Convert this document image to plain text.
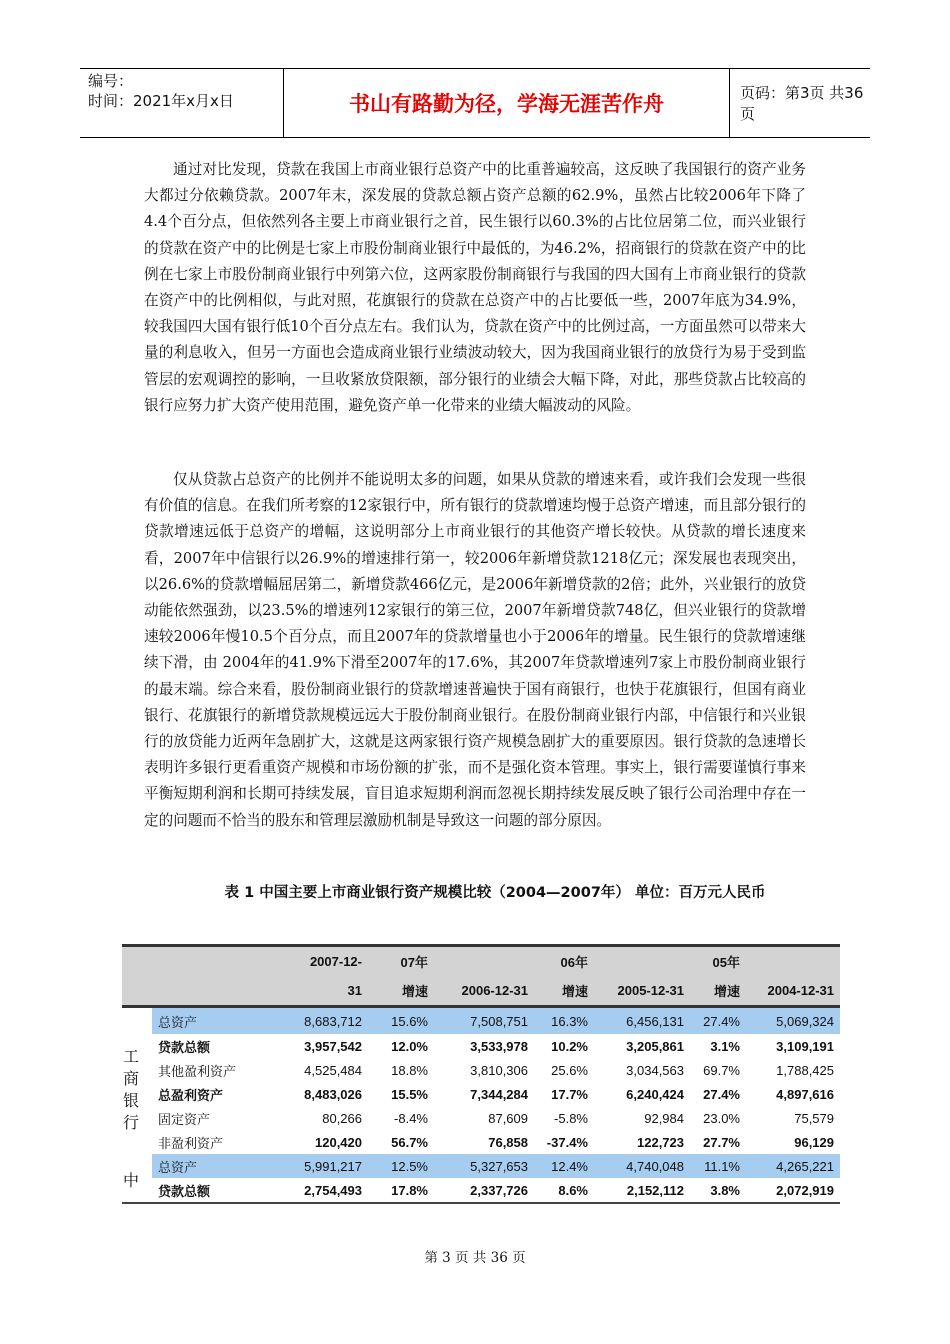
编号：
时间：2021年x月x日	书山有路勤为径，学海无涯苦作舟	页码：第3页 共36页

通过对比发现，贷款在我国上市商业银行总资产中的比重普遍较高，这反映了我国银行的资产业务大都过分依赖贷款。2007年末，深发展的贷款总额占资产总额的62.9%，虽然占比较2006年下降了4.4个百分点，但依然列各主要上市商业银行之首，民生银行以60.3%的占比位居第二位，而兴业银行的贷款在资产中的比例是七家上市股份制商业银行中最低的，为46.2%，招商银行的贷款在资产中的比例在七家上市股份制商业银行中列第六位，这两家股份制商银行与我国的四大国有上市商业银行的贷款在资产中的比例相似，与此对照，花旗银行的贷款在总资产中的占比要低一些，2007年底为34.9%，较我国四大国有银行低10个百分点左右。我们认为，贷款在资产中的比例过高，一方面虽然可以带来大量的利息收入，但另一方面也会造成商业银行业绩波动较大，因为我国商业银行的放贷行为易于受到监管层的宏观调控的影响，一旦收紧放贷限额，部分银行的业绩会大幅下降，对此，那些贷款占比较高的银行应努力扩大资产使用范围，避免资产单一化带来的业绩大幅波动的风险。

仅从贷款占总资产的比例并不能说明太多的问题，如果从贷款的增速来看，或许我们会发现一些很有价值的信息。在我们所考察的12家银行中，所有银行的贷款增速均慢于总资产增速，而且部分银行的贷款增速远低于总资产的增幅，这说明部分上市商业银行的其他资产增长较快。从贷款的增长速度来看，2007年中信银行以26.9%的增速排行第一，较2006年新增贷款1218亿元；深发展也表现突出，以26.6%的贷款增幅屈居第二，新增贷款466亿元，是2006年新增贷款的2倍；此外，兴业银行的放贷动能依然强劲，以23.5%的增速列12家银行的第三位，2007年新增贷款748亿，但兴业银行的贷款增速较2006年慢10.5个百分点，而且2007年的贷款增量也小于2006年的增量。民生银行的贷款增速继续下滑，由 2004年的41.9%下滑至2007年的17.6%，其2007年贷款增速列7家上市股份制商业银行的最末端。综合来看，股份制商业银行的贷款增速普遍快于国有商银行，也快于花旗银行，但国有商业银行、花旗银行的新增贷款规模远远大于股份制商业银行。在股份制商业银行内部，中信银行和兴业银行的放贷能力近两年急剧扩大，这就是这两家银行资产规模急剧扩大的重要原因。银行贷款的急速增长表明许多银行更看重资产规模和市场份额的扩张，而不是强化资本管理。事实上，银行需要谨慎行事来平衡短期利润和长期可持续发展，盲目追求短期利润而忽视长期持续发展反映了银行公司治理中存在一定的问题而不恰当的股东和管理层激励机制是导致这一问题的部分原因。

表 1 中国主要上市商业银行资产规模比较（2004—2007年） 单位：百万元人民币
		2007-12-	07年		06年		05年	
		31	增速	2006-12-31	增速	2005-12-31	增速	2004-12-31
	总资产	8,683,712	15.6%	7,508,751	16.3%	6,456,131	27.4%	5,069,324
	贷款总额	3,957,542	12.0%	3,533,978	10.2%	3,205,861	3.1%	3,109,191
	其他盈利资产	4,525,484	18.8%	3,810,306	25.6%	3,034,563	69.7%	1,788,425
	总盈利资产	8,483,026	15.5%	7,344,284	17.7%	6,240,424	27.4%	4,897,616
	固定资产	80,266	-8.4%	87,609	-5.8%	92,984	23.0%	75,579
	非盈利资产	120,420	56.7%	76,858	-37.4%	122,723	27.7%	96,129
	总资产	5,991,217	12.5%	5,327,653	12.4%	4,740,048	11.1%	4,265,221
	贷款总额	2,754,493	17.8%	2,337,726	8.6%	2,152,112	3.8%	2,072,919
工
商
银
行
中
第 3 页 共 36 页
